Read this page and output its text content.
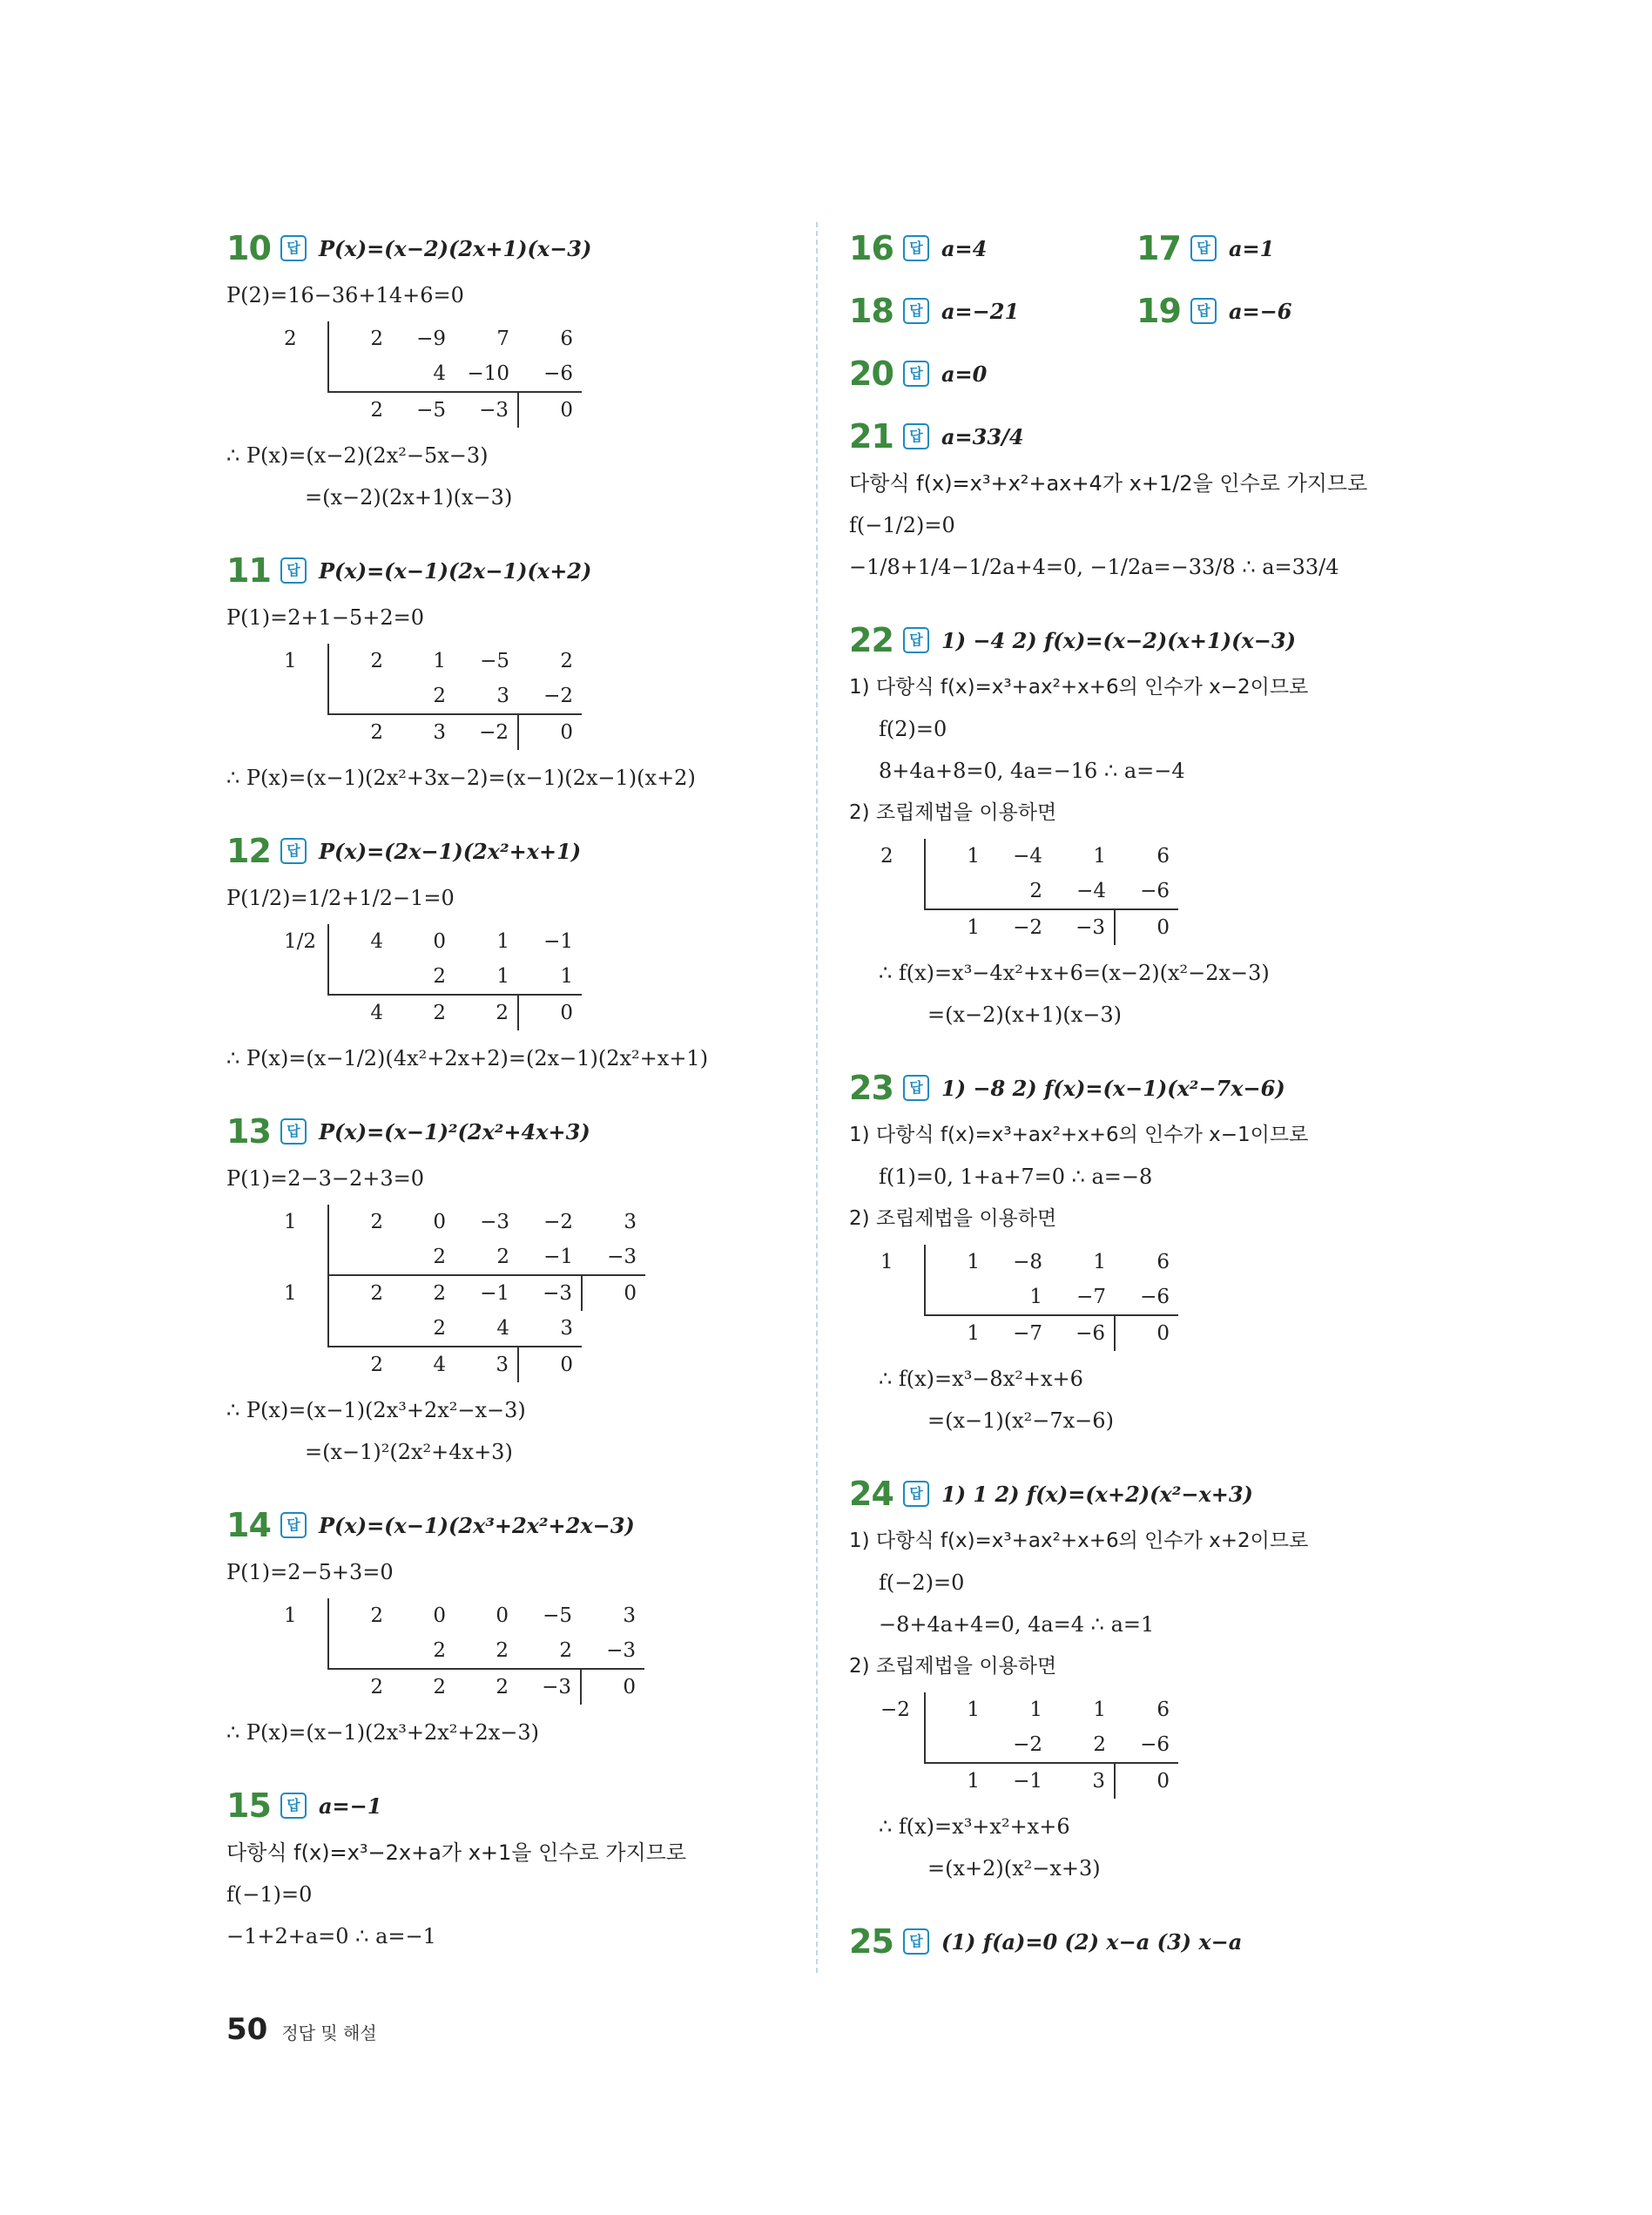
10	답 P(x)=(x−2)(2x+1)(x−3)
P(2)=16−36+14+6=0
2	2	−9	7	6
		4	−10	−6
	2	−5	−3	0
∴ P(x)=(x−2)(2x²−5x−3)
=(x−2)(2x+1)(x−3)
11	답 P(x)=(x−1)(2x−1)(x+2)
P(1)=2+1−5+2=0
1	2	1	−5	2
		2	3	−2
	2	3	−2	0
∴ P(x)=(x−1)(2x²+3x−2)=(x−1)(2x−1)(x+2)
12	답 P(x)=(2x−1)(2x²+x+1)
P(1/2)=1/2+1/2−1=0
1/2	4	0	1	−1
		2	1	1
	4	2	2	0
∴ P(x)=(x−1/2)(4x²+2x+2)=(2x−1)(2x²+x+1)
13	답 P(x)=(x−1)²(2x²+4x+3)
P(1)=2−3−2+3=0
1	2	0	−3	−2	3
		2	2	−1	−3
1	2	2	−1	−3	0
		2	4	3	
	2	4	3	0	
∴ P(x)=(x−1)(2x³+2x²−x−3)
=(x−1)²(2x²+4x+3)
14	답 P(x)=(x−1)(2x³+2x²+2x−3)
P(1)=2−5+3=0
1	2	0	0	−5	3
		2	2	2	−3
	2	2	2	−3	0
∴ P(x)=(x−1)(2x³+2x²+2x−3)
15	답 a=−1
다항식 f(x)=x³−2x+a가 x+1을 인수로 가지므로
f(−1)=0
−1+2+a=0 ∴ a=−1
16	답 a=4	17	답 a=1
18	답 a=−21	19	답 a=−6
20	답 a=0
21	답 a=33/4
다항식 f(x)=x³+x²+ax+4가 x+1/2을 인수로 가지므로
f(−1/2)=0
−1/8+1/4−1/2a+4=0, −1/2a=−33/8 ∴ a=33/4
22	답 1) −4 2) f(x)=(x−2)(x+1)(x−3)
1) 다항식 f(x)=x³+ax²+x+6의 인수가 x−2이므로
f(2)=0
8+4a+8=0, 4a=−16 ∴ a=−4
2) 조립제법을 이용하면
2	1	−4	1	6
		2	−4	−6
	1	−2	−3	0
∴ f(x)=x³−4x²+x+6=(x−2)(x²−2x−3)
=(x−2)(x+1)(x−3)
23	답 1) −8 2) f(x)=(x−1)(x²−7x−6)
1) 다항식 f(x)=x³+ax²+x+6의 인수가 x−1이므로
f(1)=0, 1+a+7=0 ∴ a=−8
2) 조립제법을 이용하면
1	1	−8	1	6
		1	−7	−6
	1	−7	−6	0
∴ f(x)=x³−8x²+x+6
=(x−1)(x²−7x−6)
24	답 1) 1 2) f(x)=(x+2)(x²−x+3)
1) 다항식 f(x)=x³+ax²+x+6의 인수가 x+2이므로
f(−2)=0
−8+4a+4=0, 4a=4 ∴ a=1
2) 조립제법을 이용하면
−2	1	1	1	6
		−2	2	−6
	1	−1	3	0
∴ f(x)=x³+x²+x+6
=(x+2)(x²−x+3)
25	답 (1) f(a)=0 (2) x−a (3) x−a
50 정답 및 해설
